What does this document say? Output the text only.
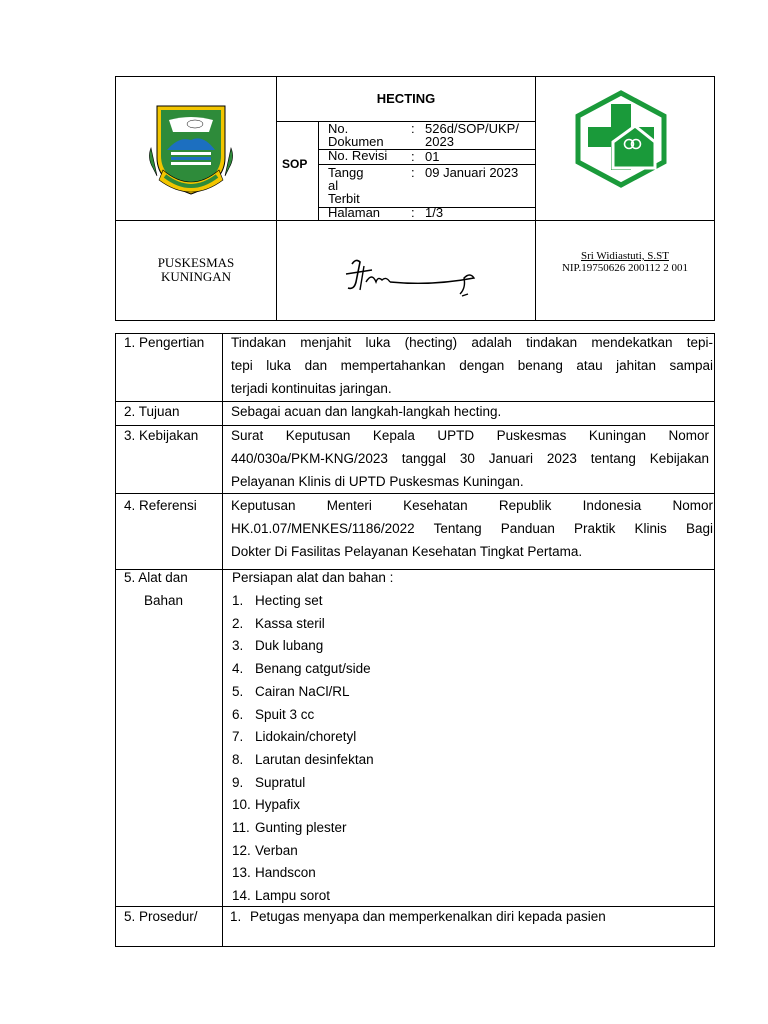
HECTING
SOP
No.
Dokumen
: 526d/SOP/UKP/
2023
No. Revisi : 01
Tangg
al
Terbit
: 09 Januari 2023
Halaman : 1/3
PUSKESMAS
KUNINGAN
Sri Widiastuti, S.ST
NIP.19750626 200112 2 001
1. Pengertian Tindakan menjahit luka (hecting) adalah tindakan mendekatkan tepi-
tepi luka dan mempertahankan dengan benang atau jahitan sampai
terjadi kontinuitas jaringan.
2. Tujuan	Sebagai acuan dan langkah-langkah hecting.
3. Kebijakan Surat Keputusan Kepala UPTD Puskesmas Kuningan Nomor
440/030a/PKM-KNG/2023 tanggal 30 Januari 2023 tentang Kebijakan
Pelayanan Klinis di UPTD Puskesmas Kuningan.
4. Referensi	Keputusan Menteri Kesehatan Republik Indonesia Nomor
HK.01.07/MENKES/1186/2022 Tentang Panduan Praktik Klinis Bagi
Dokter Di Fasilitas Pelayanan Kesehatan Tingkat Pertama.
5. Alat dan
Bahan
Persiapan alat dan bahan :
1. Hecting set
2. Kassa steril
3. Duk lubang
4. Benang catgut/side
5. Cairan NaCl/RL
6. Spuit 3 cc
7. Lidokain/choretyl
8. Larutan desinfektan
9. Supratul
10. Hypafix
11. Gunting plester
12. Verban
13. Handscon
14. Lampu sorot
5. Prosedur/ 1. Petugas menyapa dan memperkenalkan diri kepada pasien
